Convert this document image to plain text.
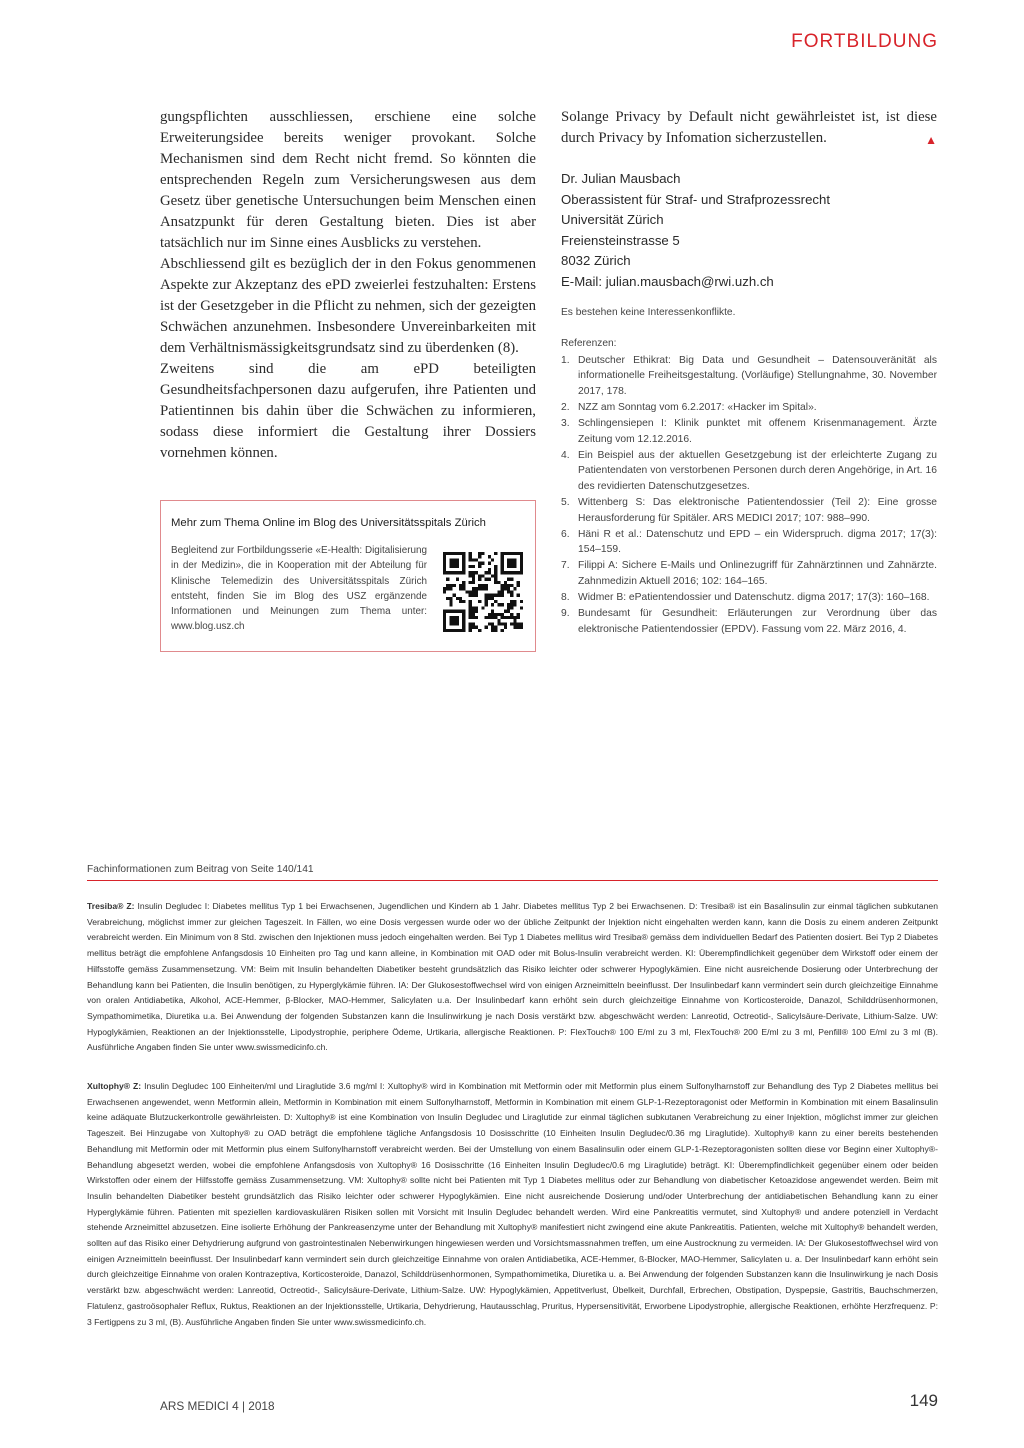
FORTBILDUNG

gungspflichten ausschliessen, erschiene eine solche Erweiterungsidee bereits weniger provokant. Solche Mechanismen sind dem Recht nicht fremd. So könnten die entsprechenden Regeln zum Versicherungswesen aus dem Gesetz über genetische Untersuchungen beim Menschen einen Ansatzpunkt für deren Gestaltung bieten. Dies ist aber tatsächlich nur im Sinne eines Ausblicks zu verstehen.

Abschliessend gilt es bezüglich der in den Fokus genommenen Aspekte zur Akzeptanz des ePD zweierlei festzuhalten: Erstens ist der Gesetzgeber in die Pflicht zu nehmen, sich der gezeigten Schwächen anzunehmen. Insbesondere Unvereinbarkeiten mit dem Verhältnismässigkeitsgrundsatz sind zu überdenken (8).

Zweitens sind die am ePD beteiligten Gesundheitsfachpersonen dazu aufgerufen, ihre Patienten und Patientinnen bis dahin über die Schwächen zu informieren, sodass diese informiert die Gestaltung ihrer Dossiers vornehmen können.

Mehr zum Thema Online im Blog des Universitätsspitals Zürich
Begleitend zur Fortbildungsserie «E-Health: Digitalisierung in der Medizin», die in Kooperation mit der Abteilung für Klinische Telemedizin des Universitätsspitals Zürich entsteht, finden Sie im Blog des USZ ergänzende Informationen und Meinungen zum Thema unter: www.blog.usz.ch

Solange Privacy by Default nicht gewährleistet ist, ist diese durch Privacy by Infomation sicherzustellen.	▲

Dr. Julian Mausbach
Oberassistent für Straf- und Strafprozessrecht
Universität Zürich
Freiensteinstrasse 5
8032 Zürich
E-Mail: julian.mausbach@rwi.uzh.ch
Es bestehen keine Interessenkonflikte.
Referenzen:
1. Deutscher Ethikrat: Big Data und Gesundheit – Datensouveränität als informationelle Freiheitsgestaltung. (Vorläufige) Stellungnahme, 30. November 2017, 178.
2. NZZ am Sonntag vom 6.2.2017: «Hacker im Spital».
3. Schlingensiepen I: Klinik punktet mit offenem Krisenmanagement. Ärzte Zeitung vom 12.12.2016.
4. Ein Beispiel aus der aktuellen Gesetzgebung ist der erleichterte Zugang zu Patientendaten von verstorbenen Personen durch deren Angehörige, in Art. 16 des revidierten Datenschutzgesetzes.
5. Wittenberg S: Das elektronische Patientendossier (Teil 2): Eine grosse Herausforderung für Spitäler. ARS MEDICI 2017; 107: 988–990.
6. Häni R et al.: Datenschutz und EPD – ein Widerspruch. digma 2017; 17(3): 154–159.
7. Filippi A: Sichere E-Mails und Onlinezugriff für Zahnärztinnen und Zahnärzte. Zahnmedizin Aktuell 2016; 102: 164–165.
8. Widmer B: ePatientendossier und Datenschutz. digma 2017; 17(3): 160–168.
9. Bundesamt für Gesundheit: Erläuterungen zur Verordnung über das elektronische Patientendossier (EPDV). Fassung vom 22. März 2016, 4.
Fachinformationen zum Beitrag von Seite 140/141
Tresiba® Z: Insulin Degludec I: Diabetes mellitus Typ 1 bei Erwachsenen, Jugendlichen und Kindern ab 1 Jahr. Diabetes mellitus Typ 2 bei Erwachsenen. D: Tresiba® ist ein Basalinsulin zur einmal täglichen subkutanen Verabreichung, möglichst immer zur gleichen Tageszeit. In Fällen, wo eine Dosis vergessen wurde oder wo der übliche Zeitpunkt der Injektion nicht eingehalten werden kann, kann die Dosis zu einem anderen Zeitpunkt verabreicht werden. Ein Minimum von 8 Std. zwischen den Injektionen muss jedoch eingehalten werden. Bei Typ 1 Diabetes mellitus wird Tresiba® gemäss dem individuellen Bedarf des Patienten dosiert. Bei Typ 2 Diabetes mellitus beträgt die empfohlene Anfangsdosis 10 Einheiten pro Tag und kann alleine, in Kombination mit OAD oder mit Bolus-Insulin verabreicht werden. KI: Überempfindlichkeit gegenüber dem Wirkstoff oder einem der Hilfsstoffe gemäss Zusammensetzung. VM: Beim mit Insulin behandelten Diabetiker besteht grundsätzlich das Risiko leichter oder schwerer Hypoglykämien. Eine nicht ausreichende Dosierung oder Unterbrechung der Behandlung kann bei Patienten, die Insulin benötigen, zu Hyperglykämie führen. IA: Der Glukosestoffwechsel wird von einigen Arzneimitteln beeinflusst. Der Insulinbedarf kann vermindert sein durch gleichzeitige Einnahme von oralen Antidiabetika, Alkohol, ACE-Hemmer, β-Blocker, MAO-Hemmer, Salicylaten u.a. Der Insulinbedarf kann erhöht sein durch gleichzeitige Einnahme von Korticosteroide, Danazol, Schilddrüsenhormonen, Sympathomimetika, Diuretika u.a. Bei Anwendung der folgenden Substanzen kann die Insulinwirkung je nach Dosis verstärkt bzw. abgeschwächt werden: Lanreotid, Octreotid-, Salicylsäure-Derivate, Lithium-Salze. UW: Hypoglykämien, Reaktionen an der Injektionsstelle, Lipodystrophie, periphere Ödeme, Urtikaria, allergische Reaktionen. P: FlexTouch® 100 E/ml zu 3 ml, FlexTouch® 200 E/ml zu 3 ml, Penfill® 100 E/ml zu 3 ml (B). Ausführliche Angaben finden Sie unter www.swissmedicinfo.ch.
Xultophy® Z: Insulin Degludec 100 Einheiten/ml und Liraglutide 3.6 mg/ml I: Xultophy® wird in Kombination mit Metformin oder mit Metformin plus einem Sulfonylharnstoff zur Behandlung des Typ 2 Diabetes mellitus bei Erwachsenen angewendet, wenn Metformin allein, Metformin in Kombination mit einem Sulfonylharnstoff, Metformin in Kombination mit einem GLP-1-Rezeptoragonist oder Metformin in Kombination mit einem Basalinsulin keine adäquate Blutzuckerkontrolle gewährleisten. D: Xultophy® ist eine Kombination von Insulin Degludec und Liraglutide zur einmal täglichen subkutanen Verabreichung zu einer Injektion, möglichst immer zur gleichen Tageszeit. Bei Hinzugabe von Xultophy® zu OAD beträgt die empfohlene tägliche Anfangsdosis 10 Dosisschritte (10 Einheiten Insulin Degludec/0.36 mg Liraglutide). Xultophy® kann zu einer bereits bestehenden Behandlung mit Metformin oder mit Metformin plus einem Sulfonylharnstoff verabreicht werden. Bei der Umstellung von einem Basalinsulin oder einem GLP-1-Rezeptoragonisten sollten diese vor Beginn einer Xultophy®-Behandlung abgesetzt werden, wobei die empfohlene Anfangsdosis von Xultophy® 16 Dosisschritte (16 Einheiten Insulin Degludec/0.6 mg Liraglutide) beträgt. KI: Überempfindlichkeit gegenüber einem oder beiden Wirkstoffen oder einem der Hilfsstoffe gemäss Zusammensetzung. VM: Xultophy® sollte nicht bei Patienten mit Typ 1 Diabetes mellitus oder zur Behandlung von diabetischer Ketoazidose angewendet werden. Beim mit Insulin behandelten Diabetiker besteht grundsätzlich das Risiko leichter oder schwerer Hypoglykämien. Eine nicht ausreichende Dosierung und/oder Unterbrechung der antidiabetischen Behandlung kann zu einer Hyperglykämie führen. Patienten mit speziellen kardiovaskulären Risiken sollen mit Vorsicht mit Insulin Degludec behandelt werden. Wird eine Pankreatitis vermutet, sind Xultophy® und andere potenziell in Verdacht stehende Arzneimittel abzusetzen. Eine isolierte Erhöhung der Pankreasenzyme unter der Behandlung mit Xultophy® manifestiert nicht zwingend eine akute Pankreatitis. Patienten, welche mit Xultophy® behandelt werden, sollten auf das Risiko einer Dehydrierung aufgrund von gastrointestinalen Nebenwirkungen hingewiesen werden und Vorsichtsmassnahmen treffen, um eine Austrocknung zu vermeiden. IA: Der Glukosestoffwechsel wird von einigen Arzneimitteln beeinflusst. Der Insulinbedarf kann vermindert sein durch gleichzeitige Einnahme von oralen Antidiabetika, ACE-Hemmer, ß-Blocker, MAO-Hemmer, Salicylaten u. a. Der Insulinbedarf kann erhöht sein durch gleichzeitige Einnahme von oralen Kontrazeptiva, Korticosteroide, Danazol, Schilddrüsenhormonen, Sympathomimetika, Diuretika u. a. Bei Anwendung der folgenden Substanzen kann die Insulinwirkung je nach Dosis verstärkt bzw. abgeschwächt werden: Lanreotid, Octreotid-, Salicylsäure-Derivate, Lithium-Salze. UW: Hypoglykämien, Appetitverlust, Übelkeit, Durchfall, Erbrechen, Obstipation, Dyspepsie, Gastritis, Bauchschmerzen, Flatulenz, gastroösophaler Reflux, Ruktus, Reaktionen an der Injektionsstelle, Urtikaria, Dehydrierung, Hautausschlag, Pruritus, Hypersensitivität, Erworbene Lipodystrophie, allergische Reaktionen, erhöhte Herzfrequenz. P: 3 Fertigpens zu 3 ml, (B). Ausführliche Angaben finden Sie unter www.swissmedicinfo.ch.
ARS MEDICI 4 | 2018	149
